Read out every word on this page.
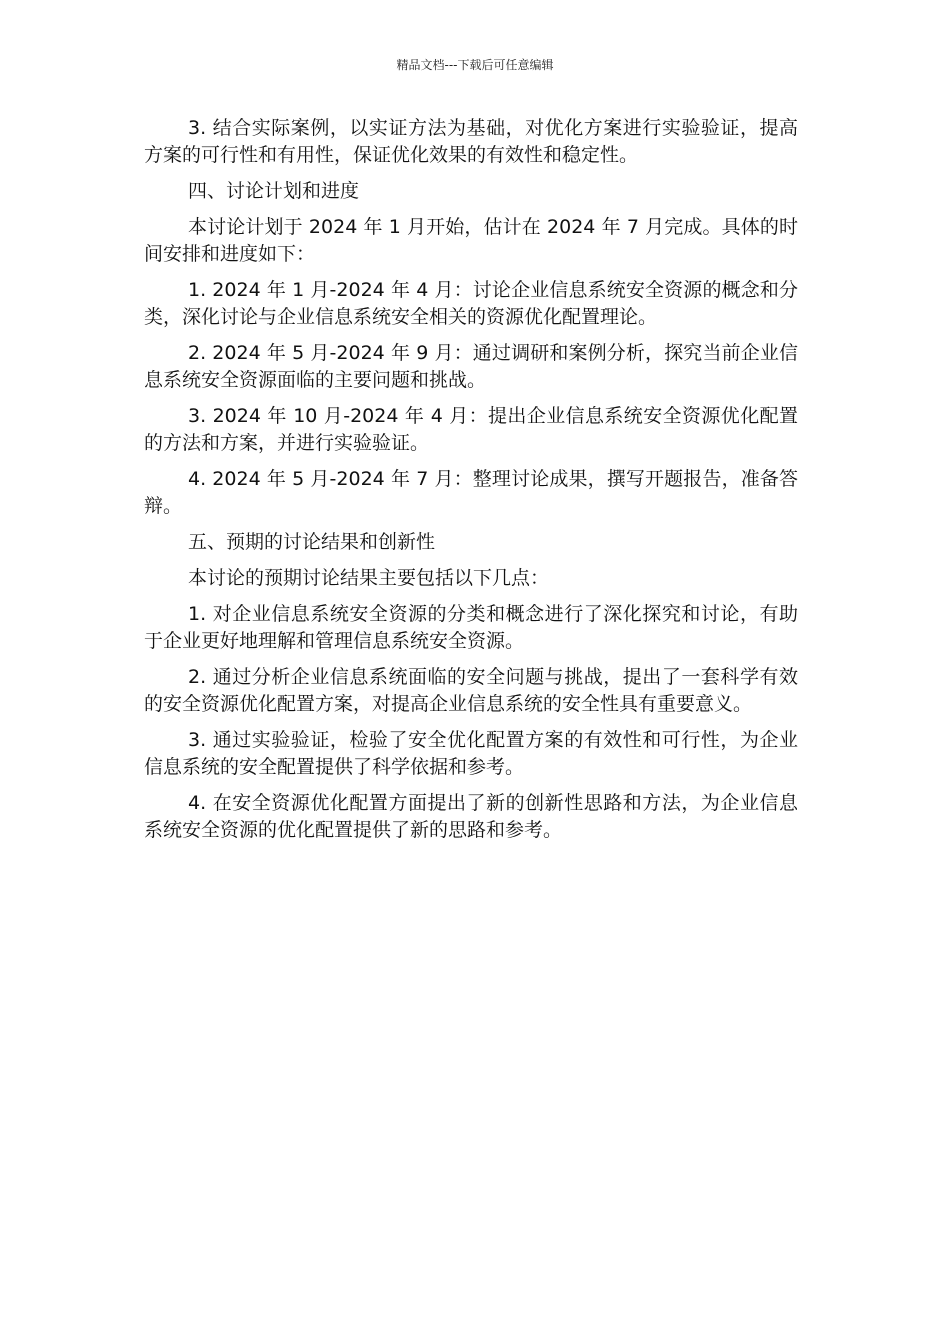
精品文档---下载后可任意编辑

3. 结合实际案例，以实证方法为基础，对优化方案进行实验验证，提高方案的可行性和有用性，保证优化效果的有效性和稳定性。

四、讨论计划和进度

本讨论计划于 2024 年 1 月开始，估计在 2024 年 7 月完成。具体的时间安排和进度如下：

1. 2024 年 1 月-2024 年 4 月：讨论企业信息系统安全资源的概念和分类，深化讨论与企业信息系统安全相关的资源优化配置理论。

2. 2024 年 5 月-2024 年 9 月：通过调研和案例分析，探究当前企业信息系统安全资源面临的主要问题和挑战。

3. 2024 年 10 月-2024 年 4 月：提出企业信息系统安全资源优化配置的方法和方案，并进行实验验证。

4. 2024 年 5 月-2024 年 7 月：整理讨论成果，撰写开题报告，准备答辩。

五、预期的讨论结果和创新性

本讨论的预期讨论结果主要包括以下几点：

1. 对企业信息系统安全资源的分类和概念进行了深化探究和讨论，有助于企业更好地理解和管理信息系统安全资源。

2. 通过分析企业信息系统面临的安全问题与挑战，提出了一套科学有效的安全资源优化配置方案，对提高企业信息系统的安全性具有重要意义。

3. 通过实验验证，检验了安全优化配置方案的有效性和可行性，为企业信息系统的安全配置提供了科学依据和参考。

4. 在安全资源优化配置方面提出了新的创新性思路和方法，为企业信息系统安全资源的优化配置提供了新的思路和参考。
